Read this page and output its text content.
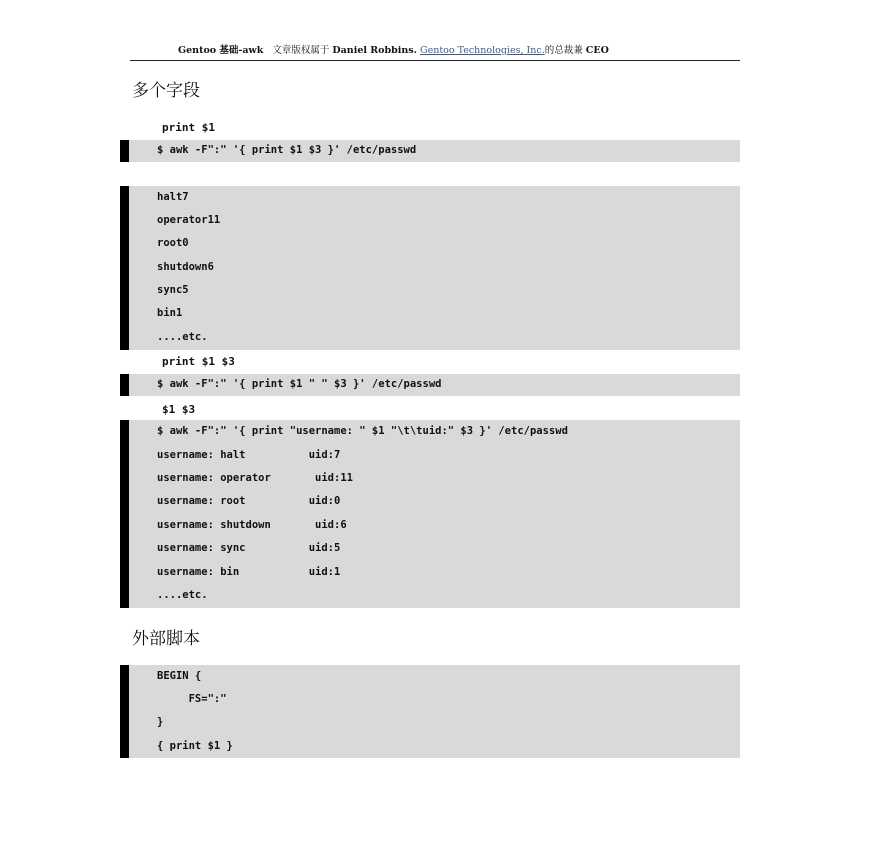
Gentoo 基础-awk 文章版权属于 Daniel Robbins. Gentoo Technologies, Inc.的总裁兼 CEO
多个字段
print $1
$ awk -F":" '{ print $1 $3 }' /etc/passwd
halt7
operator11
root0
shutdown6
sync5
bin1
....etc.
print $1 $3
$ awk -F":" '{ print $1 " " $3 }' /etc/passwd
$1 $3
$ awk -F":" '{ print "username: " $1 "\t\tuid:" $3 }' /etc/passwd
username: halt          uid:7
username: operator       uid:11
username: root          uid:0
username: shutdown       uid:6
username: sync          uid:5
username: bin           uid:1
....etc.
外部脚本
BEGIN {
FS=":"
}
{ print $1 }
